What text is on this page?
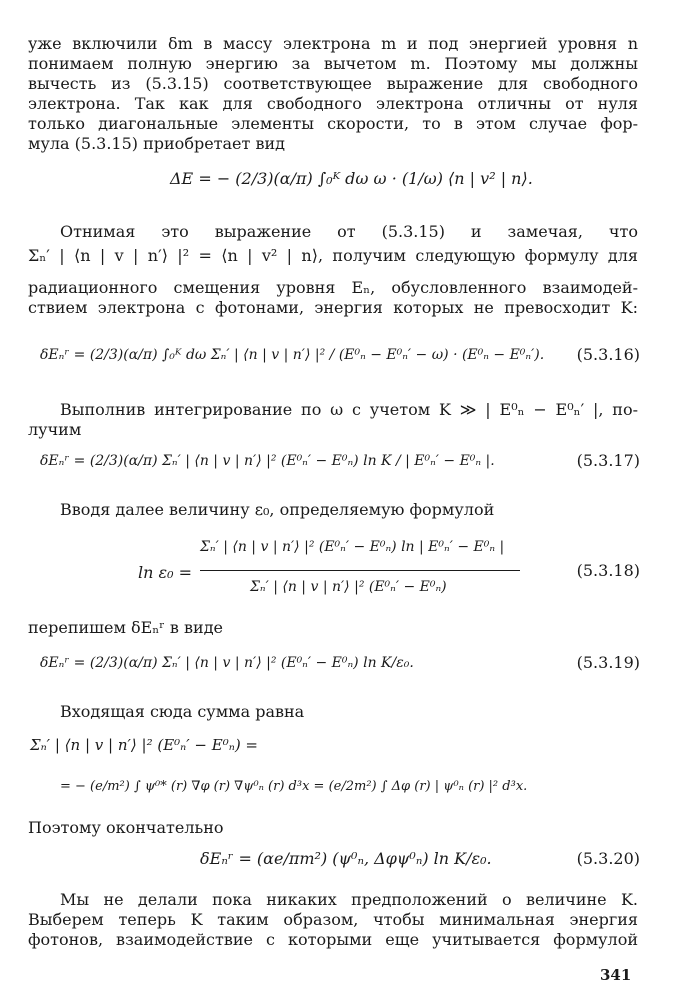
уже включили δm в массу электрона m и под энергией уровня n
понимаем полную энергию за вычетом m. Поэтому мы должны
вычесть из (5.3.15) соответствующее выражение для свободного
электрона. Так как для свободного электрона отличны от нуля
только диагональные элементы скорости, то в этом случае фор-
мула (5.3.15) приобретает вид
ΔE = − (2/3)(α/π) ∫₀ᴷ dω ω · (1/ω) ⟨n | v² | n⟩.
Отнимая это выражение от (5.3.15) и замечая, что
Σₙ′ | ⟨n | v | n′⟩ |² = ⟨n | v² | n⟩, получим следующую формулу для
радиационного смещения уровня Eₙ, обусловленного взаимодей-
ствием электрона с фотонами, энергия которых не превосходит K:
δEₙʳ = (2/3)(α/π) ∫₀ᴷ dω Σₙ′ | ⟨n | v | n′⟩ |² / (E⁰ₙ − E⁰ₙ′ − ω) · (E⁰ₙ − E⁰ₙ′).	(5.3.16)
Выполнив интегрирование по ω с учетом K ≫ | E⁰ₙ − E⁰ₙ′ |, по-
лучим
δEₙʳ = (2/3)(α/π) Σₙ′ | ⟨n | v | n′⟩ |² (E⁰ₙ′ − E⁰ₙ) ln K / | E⁰ₙ′ − E⁰ₙ |.	(5.3.17)
Вводя далее величину ε₀, определяемую формулой
Σₙ′ | ⟨n | v | n′⟩ |² (E⁰ₙ′ − E⁰ₙ) ln | E⁰ₙ′ − E⁰ₙ |
ln ε₀ =
Σₙ′ | ⟨n | v | n′⟩ |² (E⁰ₙ′ − E⁰ₙ)
(5.3.18)
перепишем δEₙʳ в виде
δEₙʳ = (2/3)(α/π) Σₙ′ | ⟨n | v | n′⟩ |² (E⁰ₙ′ − E⁰ₙ) ln K/ε₀.	(5.3.19)
Входящая сюда сумма равна
Σₙ′ | ⟨n | v | n′⟩ |² (E⁰ₙ′ − E⁰ₙ) =
= − (e/m²) ∫ ψ⁰* (r) ∇φ (r) ∇ψ⁰ₙ (r) d³x = (e/2m²) ∫ Δφ (r) | ψ⁰ₙ (r) |² d³x.
Поэтому окончательно
δEₙʳ = (αe/πm²) (ψ⁰ₙ, Δφψ⁰ₙ) ln K/ε₀.	(5.3.20)
Мы не делали пока никаких предположений о величине K.
Выберем теперь K таким образом, чтобы минимальная энергия
фотонов, взаимодействие с которыми еще учитывается формулой
341
